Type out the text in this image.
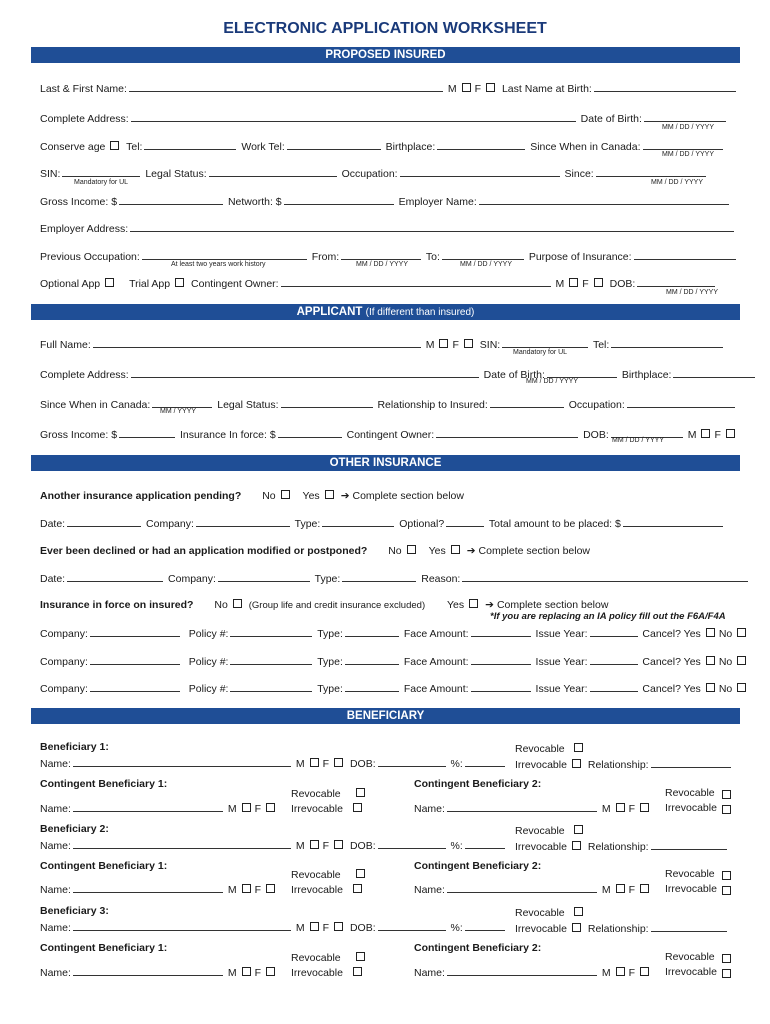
ELECTRONIC APPLICATION WORKSHEET
PROPOSED INSURED
Last & First Name:	M F Last Name at Birth:
Complete Address:	Date of Birth:
MM / DD / YYYY
Conserve age Tel:	Work Tel:	Birthplace:	Since When in Canada:
MM / DD / YYYY
SIN:	Legal Status:	Occupation:	Since:
Mandatory for UL	MM / DD / YYYY
Gross Income: $	Networth: $	Employer Name:
Employer Address:
Previous Occupation:	From:	To:	Purpose of Insurance:
At least two years work history	MM / DD / YYYY	MM / DD / YYYY
Optional App	Trial App Contingent Owner:	M F DOB:
MM / DD / YYYY
APPLICANT (If different than insured)
Full Name:	M F SIN:	Tel:
Mandatory for UL
Complete Address:	Date of Birth:	Birthplace:
MM / DD / YYYY
Since When in Canada:	Legal Status:	Relationship to Insured:	Occupation:
MM / YYYY
Gross Income: $	Insurance In force: $	Contingent Owner:	DOB:	M F
MM / DD / YYYY
OTHER INSURANCE
Another insurance application pending? No	Yes ➔ Complete section below
Date:	Company:	Type:	Optional?	Total amount to be placed: $
Ever been declined or had an application modified or postponed? No	Yes ➔ Complete section below
Date:	Company:	Type:	Reason:
Insurance in force on insured? No (Group life and credit insurance excluded) Yes ➔ Complete section below
*If you are replacing an IA policy fill out the F6A/F4A
Company:	Policy #:	Type:	Face Amount:	Issue Year:	Cancel? Yes No
Company:	Policy #:	Type:	Face Amount:	Issue Year:	Cancel? Yes No
Company:	Policy #:	Type:	Face Amount:	Issue Year:	Cancel? Yes No
BENEFICIARY
Beneficiary 1:
Name:	M F DOB:	%:
Revocable
Irrevocable Relationship:
Contingent Beneficiary 1:
Name:	M F
Revocable
Irrevocable
Contingent Beneficiary 2:
Name:	M F
Revocable
Irrevocable
Beneficiary 2:
Name:	M F DOB:	%:
Revocable
Irrevocable Relationship:
Contingent Beneficiary 1:
Name:	M F
Revocable
Irrevocable
Contingent Beneficiary 2:
Name:	M F
Revocable
Irrevocable
Beneficiary 3:
Name:	M F DOB:	%:
Revocable
Irrevocable Relationship:
Contingent Beneficiary 1:
Name:	M F
Revocable
Irrevocable
Contingent Beneficiary 2:
Name:	M F
Revocable
Irrevocable
